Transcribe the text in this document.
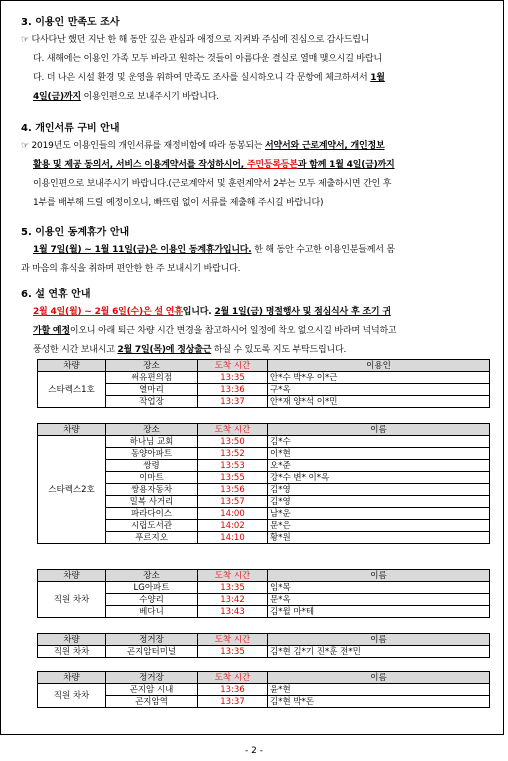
3. 이용인 만족도 조사

☞ 다사다난 했던 지난 한 해 동안 깊은 관심과 애정으로 지켜봐 주심에 진심으로 감사드립니

다. 새해에는 이용인 가족 모두 바라고 원하는 것들이 아름다운 결실로 열매 맺으시길 바랍니

다. 더 나은 시설 환경 및 운영을 위하여 만족도 조사를 실시하오니 각 문항에 체크하셔서 1월

4일(금)까지 이용인편으로 보내주시기 바랍니다.

4. 개인서류 구비 안내

☞ 2019년도 이용인들의 개인서류를 재정비함에 따라 동봉되는 서약서와 근로계약서, 개인정보

활용 및 제공 동의서, 서비스 이용계약서를 작성하시어, 주민등록등본과 함께 1월 4일(금)까지

이용인편으로 보내주시기 바랍니다.(근로계약서 및 훈련계약서 2부는 모두 제출하시면 간인 후

1부를 배부해 드릴 예정이오니, 빠뜨림 없이 서류를 제출해 주시길 바랍니다)

5. 이용인 동계휴가 안내

1월 7일(월) ~ 1월 11일(금)은 이용인 동계휴가입니다. 한 해 동안 수고한 이용인분들께서 몸

과 마음의 휴식을 취하며 편안한 한 주 보내시기 바랍니다.

6. 설 연휴 안내

2월 4일(월) ~ 2월 6일(수)은 설 연휴입니다. 2월 1일(금) 명절행사 및 점심식사 후 조기 귀

가할 예정이오니 아래 퇴근 차량 시간 변경을 참고하시어 일정에 착오 없으시길 바라며 넉넉하고

풍성한 시간 보내시고 2월 7일(목)에 정상출근 하실 수 있도록 지도 부탁드립니다.

차량	장소	도착 시간	이용인
스타렉스1호	써유편의점	13:35	안*수 박*우 이*근
	열마리	13:36	구*옥
	작업장	13:37	안*재 양*석 이*민
차량	장소	도착 시간	이름
스타렉스2호	하나님 교회	13:50	김*수
	동양아파트	13:52	이*현
	쌍령	13:53	오*준
	이마트	13:55	강*수 변* 이*옥
	쌍용자동차	13:56	김*영
	밀복 사거리	13:57	김*영
	파라다이스	14:00	남*운
	시립도서관	14:02	문*은
	푸르지오	14:10	황*원
차량	장소	도착 시간	이름
직원 차차	LG아파트	13:35	임*목
	수양리	13:42	문*옥
	베다니	13:43	김*윌 마*테
차량	정거장	도착 시간	이름
직원 차차	곤지암터미널	13:35	김*현 김*기 진*훈 전*민
차량	정거장	도착 시간	이름
직원 차차	곤지암 시내	13:36	윤*현
	곤지암역	13:37	김*현 박*돈
- 2 -
